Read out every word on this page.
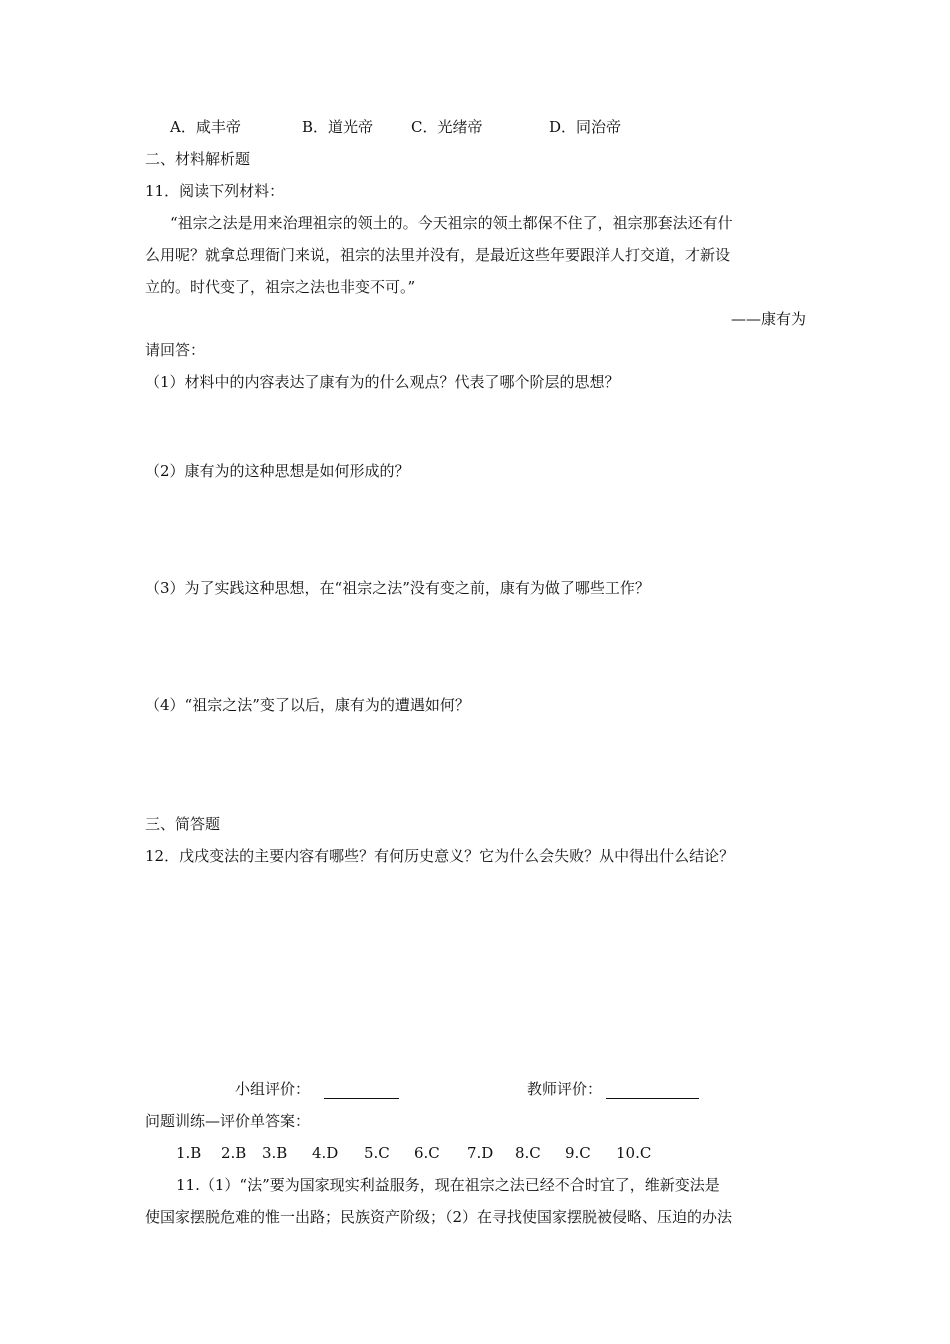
A．咸丰帝	B．道光帝	C．光绪帝	D．同治帝
二、材料解析题
11．阅读下列材料：
“祖宗之法是用来治理祖宗的领土的。今天祖宗的领土都保不住了，祖宗那套法还有什
么用呢？就拿总理衙门来说，祖宗的法里并没有，是最近这些年要跟洋人打交道，才新设
立的。时代变了，祖宗之法也非变不可。”
——康有为
请回答：
（1）材料中的内容表达了康有为的什么观点？代表了哪个阶层的思想？
（2）康有为的这种思想是如何形成的？
（3）为了实践这种思想，在“祖宗之法”没有变之前，康有为做了哪些工作？
（4）“祖宗之法”变了以后，康有为的遭遇如何？
三、简答题
12．戊戌变法的主要内容有哪些？有何历史意义？它为什么会失败？从中得出什么结论？
小组评价：	教师评价：
问题训练—评价单答案：
1.B 2.B 3.B 4.D 5.C 6.C 7.D 8.C 9.C 10.C
11.（1）“法”要为国家现实利益服务，现在祖宗之法已经不合时宜了，维新变法是
使国家摆脱危难的惟一出路；民族资产阶级；（2）在寻找使国家摆脱被侵略、压迫的办法
